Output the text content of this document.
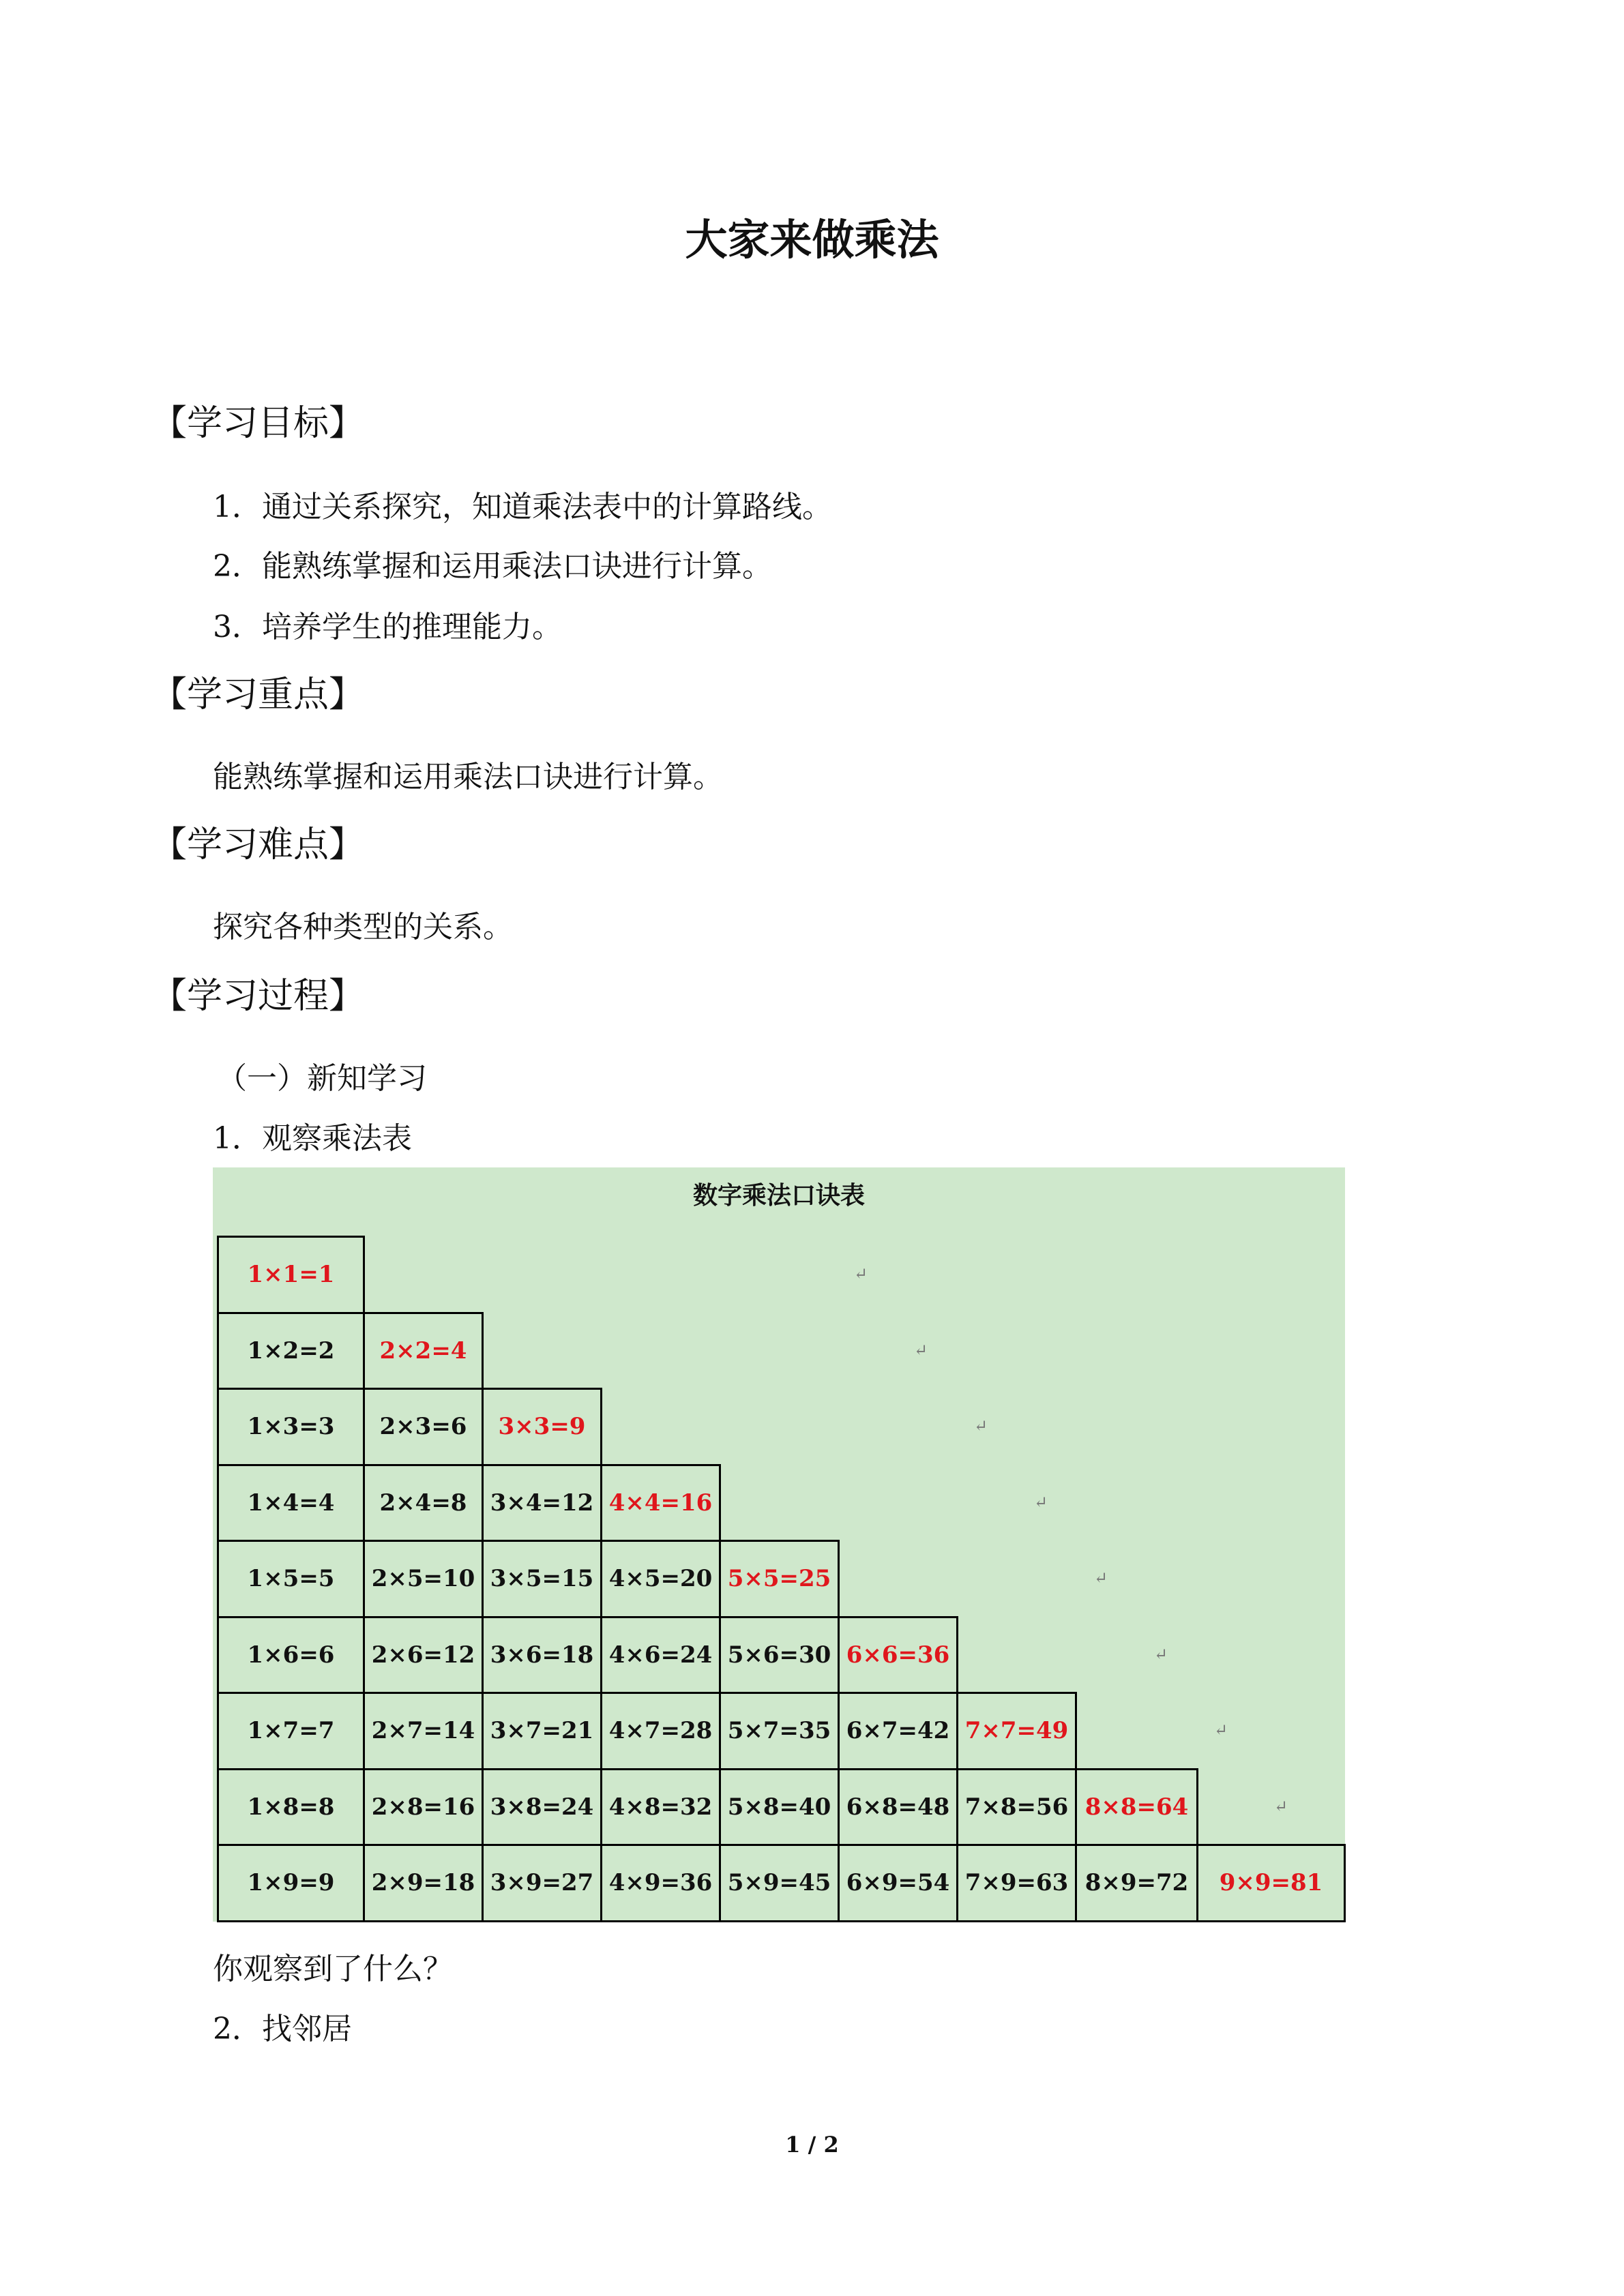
大家来做乘法
【学习目标】
1．通过关系探究，知道乘法表中的计算路线。
2．能熟练掌握和运用乘法口诀进行计算。
3．培养学生的推理能力。
【学习重点】
能熟练掌握和运用乘法口诀进行计算。
【学习难点】
探究各种类型的关系。
【学习过程】
（一）新知学习
1．观察乘法表
数字乘法口诀表
1×1=1	↵
1×2=2	2×2=4	↵
1×3=3	2×3=6	3×3=9	↵
1×4=4	2×4=8	3×4=12 4×4=16	↵
1×5=5	2×5=10 3×5=15 4×5=20 5×5=25	↵
1×6=6	2×6=12 3×6=18 4×6=24 5×6=30 6×6=36	↵
1×7=7	2×7=14 3×7=21 4×7=28 5×7=35 6×7=42 7×7=49	↵
1×8=8	2×8=16 3×8=24 4×8=32 5×8=40 6×8=48 7×8=56 8×8=64	↵
1×9=9	2×9=18 3×9=27 4×9=36 5×9=45 6×9=54 7×9=63 8×9=72	9×9=81
你观察到了什么？
2．找邻居
1 / 2
